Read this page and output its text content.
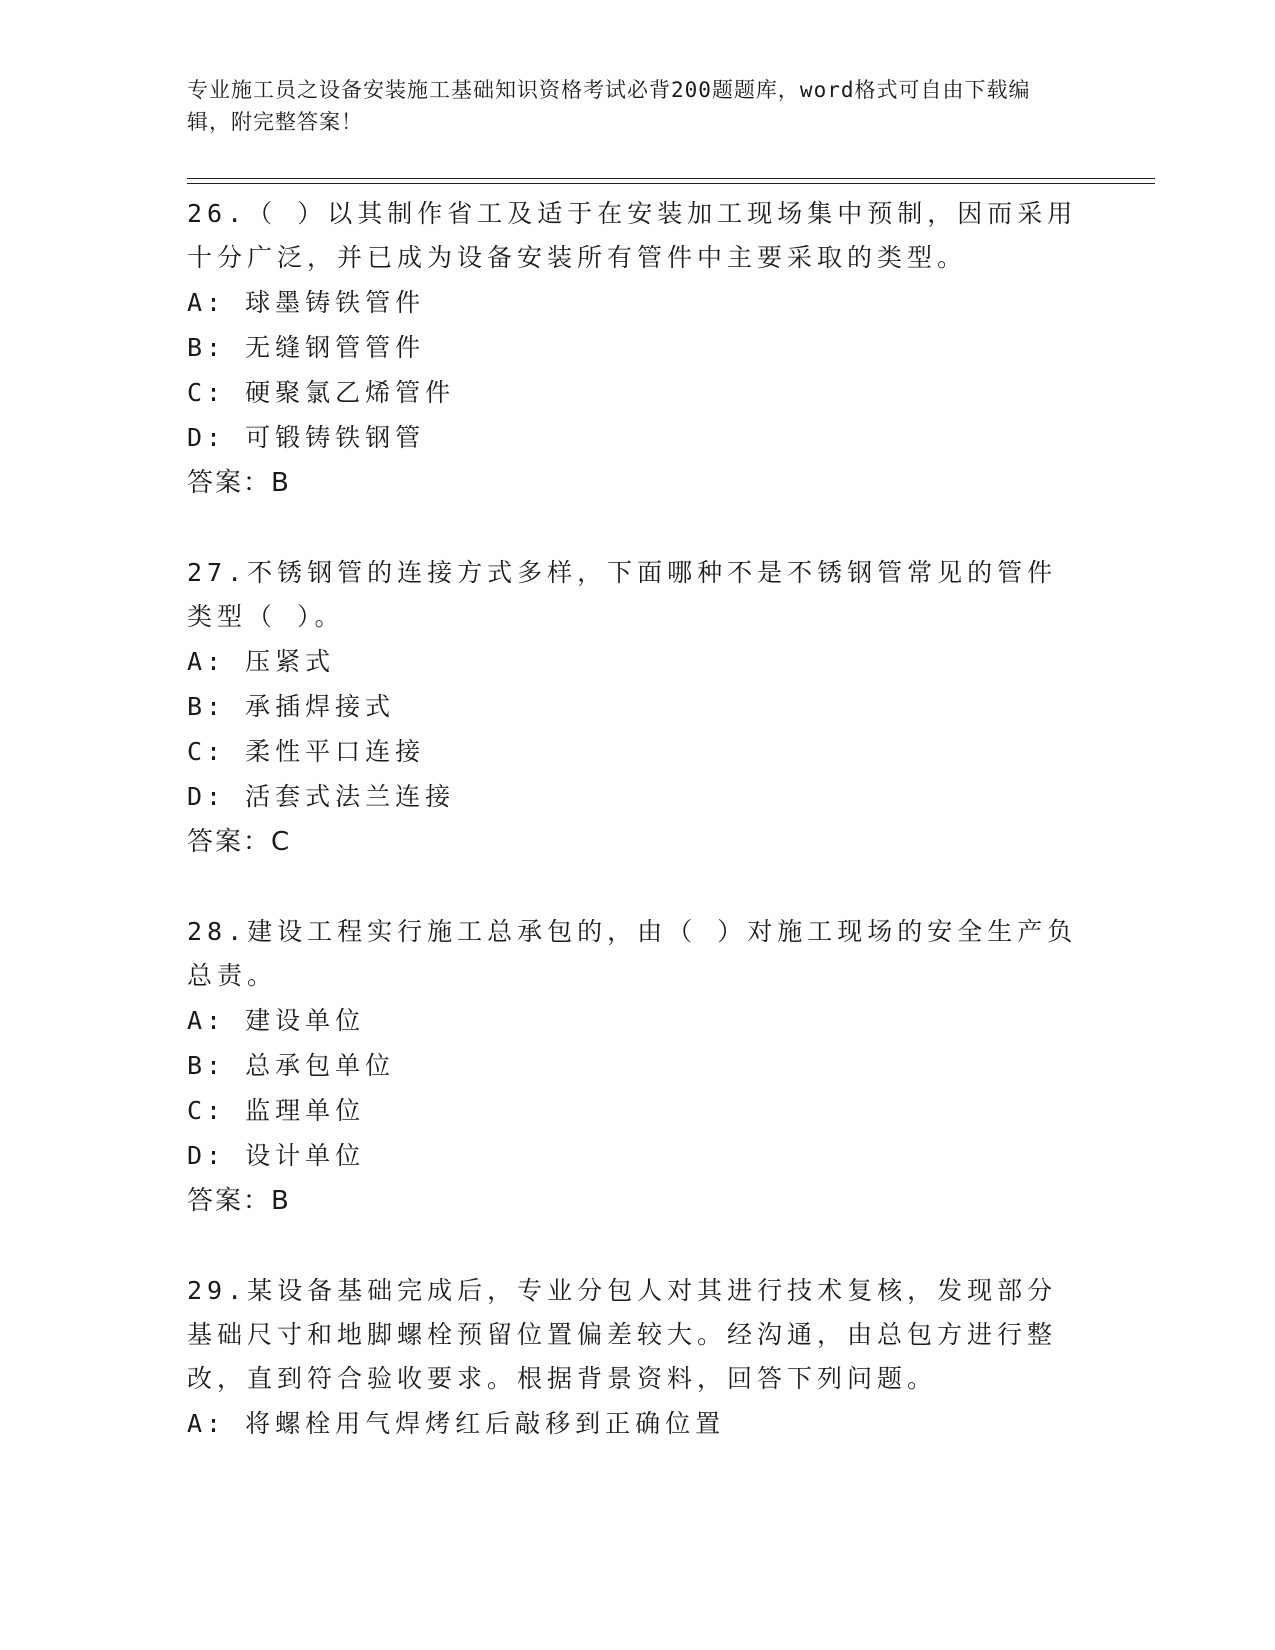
专业施工员之设备安装施工基础知识资格考试必背200题题库，word格式可自由下载编辑，附完整答案！
26.（ ）以其制作省工及适于在安装加工现场集中预制，因而采用十分广泛，并已成为设备安装所有管件中主要采取的类型。
A: 球墨铸铁管件
B: 无缝钢管管件
C: 硬聚氯乙烯管件
D: 可锻铸铁钢管
答案：B
27.不锈钢管的连接方式多样，下面哪种不是不锈钢管常见的管件类型（ ）。
A: 压紧式
B: 承插焊接式
C: 柔性平口连接
D: 活套式法兰连接
答案：C
28.建设工程实行施工总承包的，由（ ）对施工现场的安全生产负总责。
A: 建设单位
B: 总承包单位
C: 监理单位
D: 设计单位
答案：B
29.某设备基础完成后，专业分包人对其进行技术复核，发现部分基础尺寸和地脚螺栓预留位置偏差较大。经沟通，由总包方进行整改，直到符合验收要求。根据背景资料，回答下列问题。
A: 将螺栓用气焊烤红后敲移到正确位置
